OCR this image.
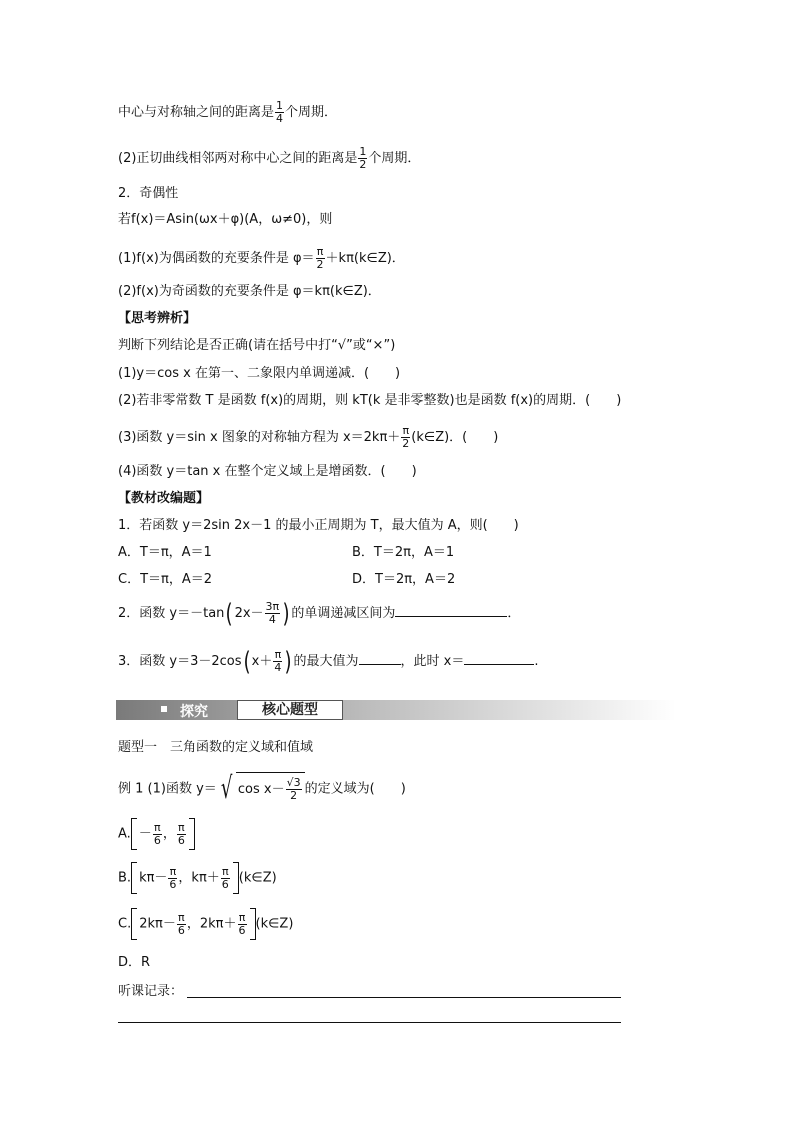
中心与对称轴之间的距离是 $\frac{1}{4}$ 个周期．
(2)正切曲线相邻两对称中心之间的距离是 $\frac{1}{2}$ 个周期．
2．奇偶性
若f(x)＝Asin(ωx＋φ)(A，ω≠0)，则
(1)f(x)为偶函数的充要条件是 $\varphi= \frac{\pi}{2}$ ＋kπ(k∈Z)．
(2)f(x)为奇函数的充要条件是 φ＝kπ(k∈Z)．
【思考辨析】
判断下列结论是否正确(请在括号中打“√”或“×”)
(1)y＝cos x 在第一、二象限内单调递减．(　　)
(2)若非零常数 T 是函数 f(x)的周期，则 kT(k 是非零整数)也是函数 f(x)的周期．(　　)
(3)函数 y＝sin x 图象的对称轴方程为 $x=2k\pi+ \frac{\pi}{2}$ (k∈Z)．(　　)
(4)函数 y＝tan x 在整个定义域上是增函数．(　　)
【教材改编题】
1．若函数 y＝2sin 2x－1 的最小正周期为 T，最大值为 A，则(　　)
A．T＝π，A＝1	B．T＝2π，A＝1
C．T＝π，A＝2	D．T＝2π，A＝2
2．函数 y＝－tan( $2x- \frac{3\pi}{4}$ ) 的单调递减区间为	．
3．函数 y＝3－2cos( $x+ \frac{\pi}{4}$ ) 的最大值为	，此时 x＝	.
探究	核心题型
题型一　三角函数的定义域和值域
例 1 (1)函数 y＝ √ $\cos x- \frac{√3}{2}$ 的定义域为(　　)
A. － $\frac{\pi}{6}$ ， $\frac{\pi}{6}$
B. $k\pi- \frac{\pi}{6}$ ，$k\pi+ \frac{\pi}{6}$ (k∈Z)
C. $2k\pi- \frac{\pi}{6}$ ，$2k\pi+ \frac{\pi}{6}$ (k∈Z)
D．R
听课记录：
